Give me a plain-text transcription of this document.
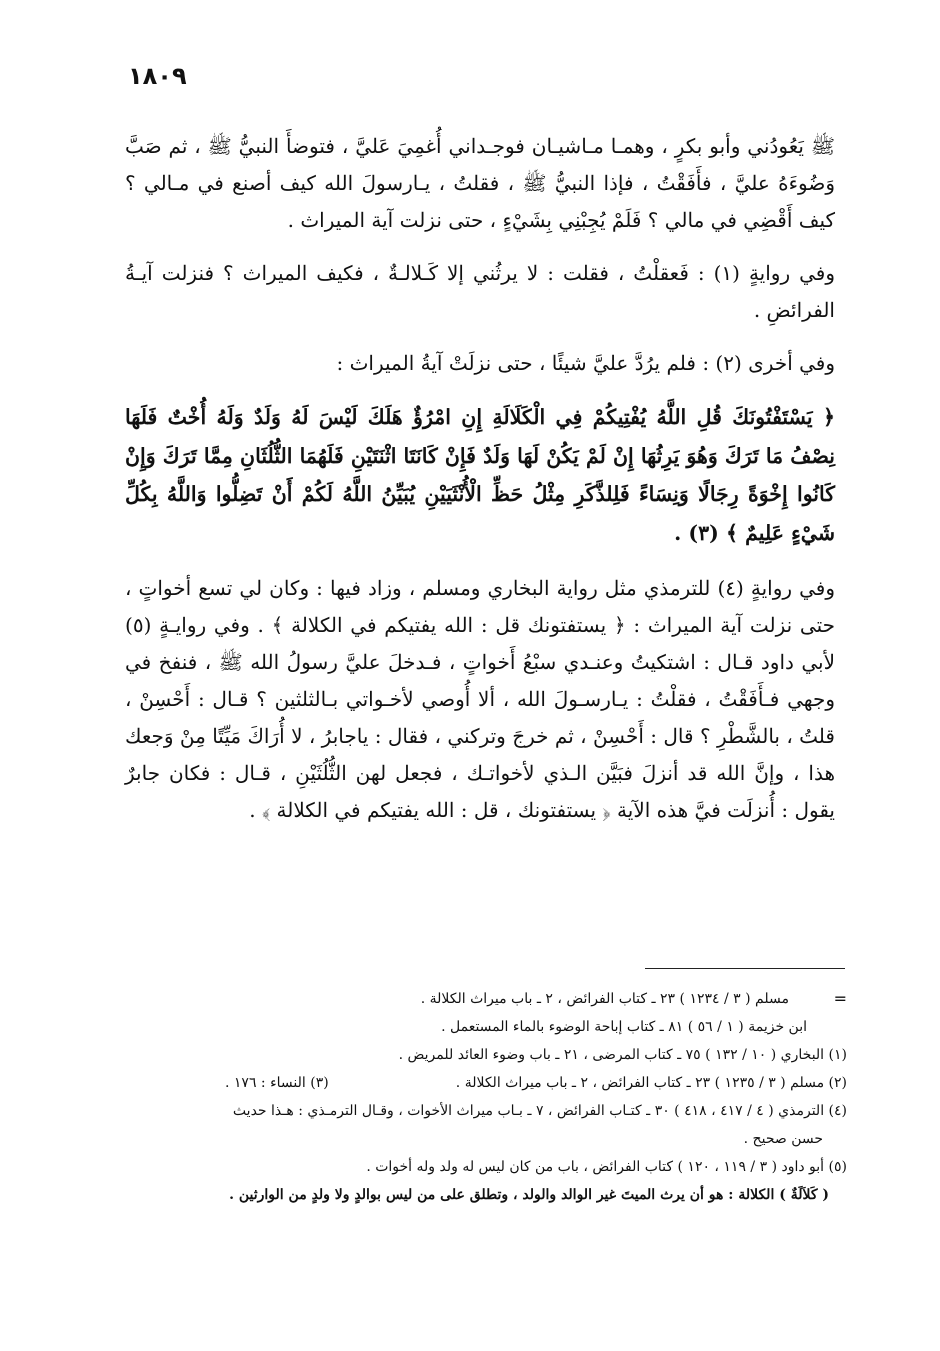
١٨٠٩

ﷺ يَعُودُني وأبو بكرٍ ، وهمـا مـاشيـان فوجـداني أُغمِيَ عَليَّ ، فتوضأَ النبيُّ ﷺ ، ثم صَبَّ وَضُوءَهُ عليَّ ، فأَفَقْتُ ، فإذا النبيُّ ﷺ ، فقلتُ ، يـارسولَ الله كيف أصنع في مـالي ؟ كيف أَقْضِي في مالي ؟ فَلَمْ يُجِبْنِي بِشَيْءٍ ، حتى نزلت آية الميراث .

وفي روايةٍ (١) : فَعقلْتُ ، فقلت : لا يرثُني إلا كَـلالـةٌ ، فكيف الميراث ؟ فنزلت آيـةُ الفرائضِ .

وفي أخرى (٢) : فلم يرُدَّ عليَّ شيئًا ، حتى نزلَتْ آيةُ الميراث :

﴿ يَسْتَفْتُونَكَ قُلِ اللَّهُ يُفْتِيكُمْ فِي الْكَلَالَةِ إِنِ امْرُؤٌ هَلَكَ لَيْسَ لَهُ وَلَدٌ وَلَهُ أُخْتٌ فَلَهَا نِصْفُ مَا تَرَكَ وَهُوَ يَرِثُهَا إِنْ لَمْ يَكُنْ لَهَا وَلَدٌ فَإِنْ كَانَتَا اثْنَتَيْنِ فَلَهُمَا الثُّلُثَانِ مِمَّا تَرَكَ وَإِنْ كَانُوا إِخْوَةً رِجَالًا وَنِسَاءً فَلِلذَّكَرِ مِثْلُ حَظِّ الْأُنْثَيَيْنِ يُبَيِّنُ اللَّهُ لَكُمْ أَنْ تَضِلُّوا وَاللَّهُ بِكُلِّ شَيْءٍ عَلِيمٌ ﴾ (٣) .

وفي روايةٍ (٤) للترمذي مثل رواية البخاري ومسلم ، وزاد فيها : وكان لي تسع أخواتٍ ، حتى نزلت آية الميراث : ﴿ يستفتونك قل : الله يفتيكم في الكلالة ﴾ . وفي روايـةٍ (٥) لأبي داود قـال : اشتكيتُ وعنـدي سبْعُ أَخواتٍ ، فـدخلَ عليَّ رسولُ الله ﷺ ، فنفخ في وجهي فـأَفَقْتُ ، فقلْتُ : يـارسـولَ الله ، ألا أُوصي لأخـواتي بـالثلثين ؟ قـال : أَحْسِنْ ، قلتُ ، بالشَّطْرِ ؟ قال : أَحْسِنْ ، ثم خرجَ وتركني ، فقال : ياجابرُ ، لا أُرَاكَ مَيِّتًا مِنْ وَجعك هذا ، وإنَّ الله قد أنزلَ فبَيَّن الـذي لأخواتـك ، فجعل لهن الثُّلُثَيْنِ ، قـال : فكان جابرٌ يقول : أُنزلَت فيَّ هذه الآية ﴿ يستفتونك ، قل : الله يفتيكم في الكلالة ﴾ .

=
مسلم ( ٣ / ١٢٣٤ ) ٢٣ ـ كتاب الفرائض ، ٢ ـ باب ميراث الكلالة .
ابن خزيمة ( ١ / ٥٦ ) ٨١ ـ كتاب إباحة الوضوء بالماء المستعمل .
(١) البخاري ( ١٠ / ١٣٢ ) ٧٥ ـ كتاب المرضى ، ٢١ ـ باب وضوء العائد للمريض .
(٢) مسلم ( ٣ / ١٢٣٥ ) ٢٣ ـ كتاب الفرائض ، ٢ ـ باب ميراث الكلالة .
(٣) النساء : ١٧٦ .
(٤) الترمذي ( ٤ / ٤١٧ ، ٤١٨ ) ٣٠ ـ كتـاب الفرائض ، ٧ ـ بـاب ميراث الأخوات ، وقـال الترمـذي : هـذا حديث
حسن صحيح .
(٥) أبو داود ( ٣ / ١١٩ ، ١٢٠ ) كتاب الفرائض ، باب من كان ليس له ولد وله أخوات .
( كَلاَلَةٌ ) الكلالة : هو أن يرث الميتَ غير الوالد والولد ، وتطلق على من ليس بوالدٍ ولا ولدٍ من الوارثين .
